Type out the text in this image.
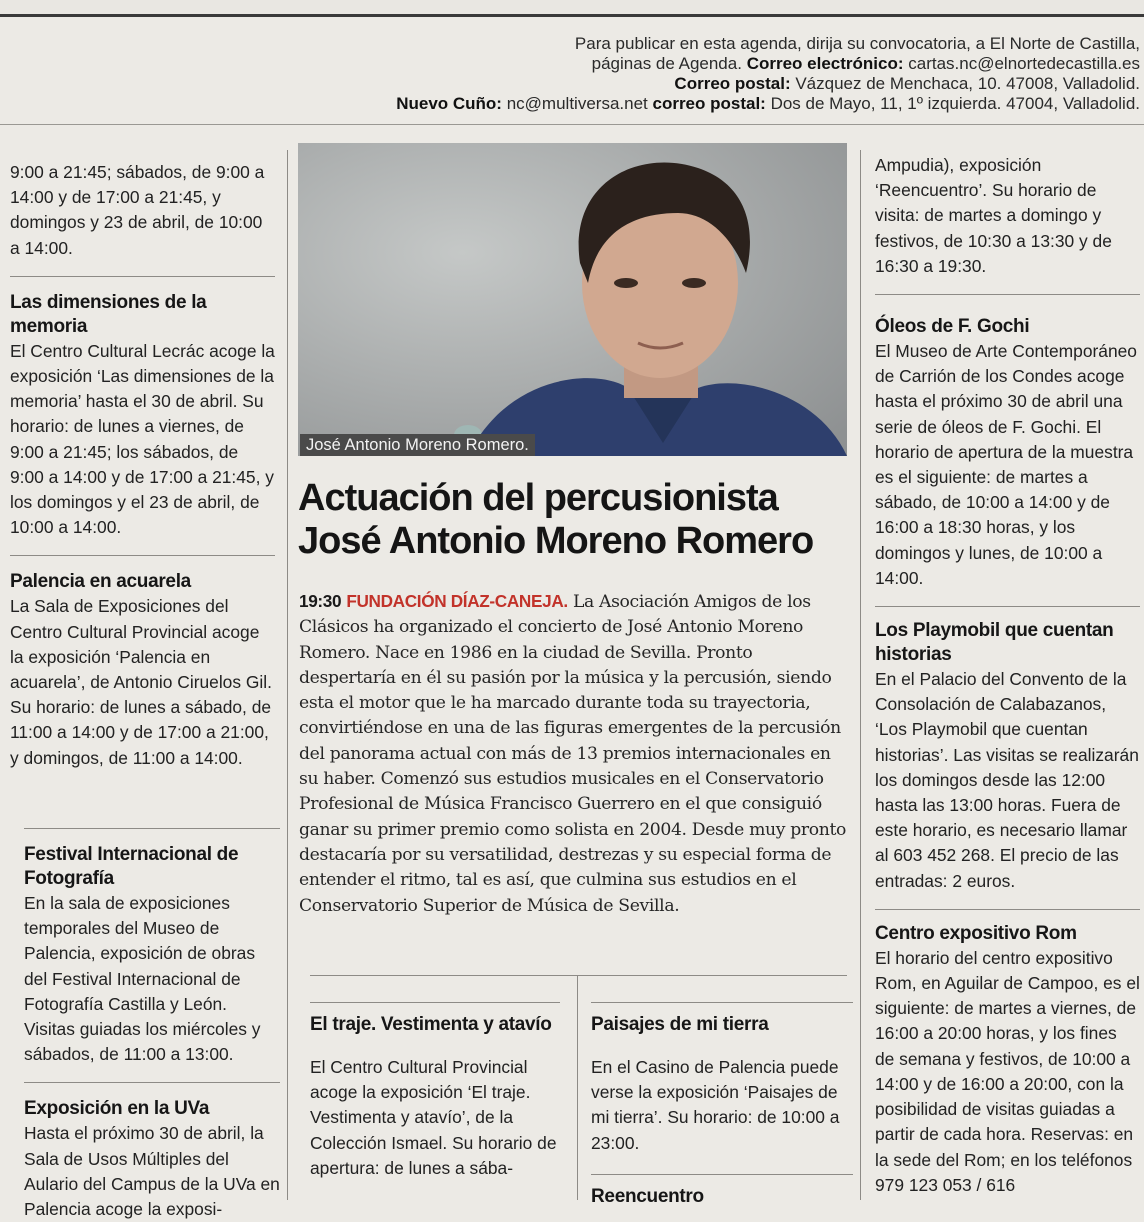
Para publicar en esta agenda, dirija su convocatoria, a El Norte de Castilla,
páginas de Agenda. Correo electrónico: cartas.nc@elnortedecastilla.es
Correo postal: Vázquez de Menchaca, 10. 47008, Valladolid.
Nuevo Cuño: nc@multiversa.net correo postal: Dos de Mayo, 11, 1º izquierda. 47004, Valladolid.

9:00 a 21:45; sábados, de 9:00 a 14:00 y de 17:00 a 21:45, y domingos y 23 de abril, de 10:00 a 14:00.

Las dimensiones de la memoria

El Centro Cultural Lecrác acoge la exposición ‘Las dimensiones de la memoria’ hasta el 30 de abril. Su horario: de lunes a viernes, de 9:00 a 21:45; los sábados, de 9:00 a 14:00 y de 17:00 a 21:45, y los domingos y el 23 de abril, de 10:00 a 14:00.

Palencia en acuarela

La Sala de Exposiciones del Centro Cultural Provincial acoge la exposición ‘Palencia en acuarela’, de Antonio Ciruelos Gil. Su horario: de lunes a sábado, de 11:00 a 14:00 y de 17:00 a 21:00, y domingos, de 11:00 a 14:00.

Festival Internacional de Fotografía

En la sala de exposiciones temporales del Museo de Palencia, exposición de obras del Festival Internacional de Fotografía Castilla y León. Visitas guiadas los miércoles y sábados, de 11:00 a 13:00.

Exposición en la UVa

Hasta el próximo 30 de abril, la Sala de Usos Múltiples del Aulario del Campus de la UVa en Palencia acoge la exposi-

José Antonio Moreno Romero.
Actuación del percusionista José Antonio Moreno Romero
19:30 FUNDACIÓN DÍAZ-CANEJA. La Asociación Amigos de los Clásicos ha organizado el concierto de José Antonio Moreno Romero. Nace en 1986 en la ciudad de Sevilla. Pronto despertaría en él su pasión por la música y la percusión, siendo esta el motor que le ha marcado durante toda su trayectoria, convirtiéndose en una de las figuras emergentes de la percusión del panorama actual con más de 13 premios internacionales en su haber. Comenzó sus estudios musicales en el Conservatorio Profesional de Música Francisco Guerrero en el que consiguió ganar su primer premio como solista en 2004. Desde muy pronto destacaría por su versatilidad, destrezas y su especial forma de entender el ritmo, tal es así, que culmina sus estudios en el Conservatorio Superior de Música de Sevilla.
El traje. Vestimenta y atavío

El Centro Cultural Provincial acoge la exposición ‘El traje. Vestimenta y atavío’, de la Colección Ismael. Su horario de apertura: de lunes a sába-

Paisajes de mi tierra

En el Casino de Palencia puede verse la exposición ‘Paisajes de mi tierra’. Su horario: de 10:00 a 23:00.

Reencuentro

Ampudia), exposición ‘Reencuentro’. Su horario de visita: de martes a domingo y festivos, de 10:30 a 13:30 y de 16:30 a 19:30.

Óleos de F. Gochi

El Museo de Arte Contemporáneo de Carrión de los Condes acoge hasta el próximo 30 de abril una serie de óleos de F. Gochi. El horario de apertura de la muestra es el siguiente: de martes a sábado, de 10:00 a 14:00 y de 16:00 a 18:30 horas, y los domingos y lunes, de 10:00 a 14:00.

Los Playmobil que cuentan historias

En el Palacio del Convento de la Consolación de Calabazanos, ‘Los Playmobil que cuentan historias’. Las visitas se realizarán los domingos desde las 12:00 hasta las 13:00 horas. Fuera de este horario, es necesario llamar al 603 452 268. El precio de las entradas: 2 euros.

Centro expositivo Rom

El horario del centro expositivo Rom, en Aguilar de Campoo, es el siguiente: de martes a viernes, de 16:00 a 20:00 horas, y los fines de semana y festivos, de 10:00 a 14:00 y de 16:00 a 20:00, con la posibilidad de visitas guiadas a partir de cada hora. Reservas: en la sede del Rom; en los teléfonos 979 123 053 / 616
